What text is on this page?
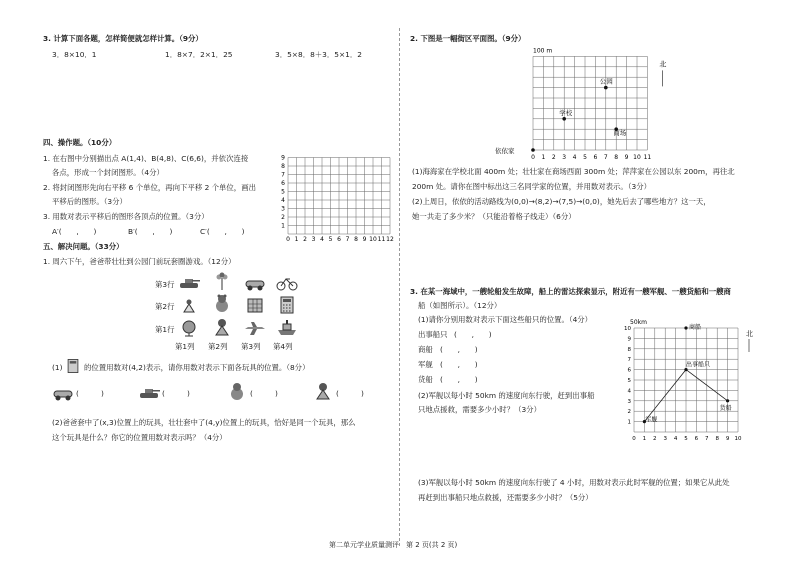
3. 计算下面各题，怎样简便就怎样计算。（9分）
3．8×10．1	1．8×7．2×1．25	3．5×8．8＋3．5×1．2
四、操作题。（10分）
1. 在右图中分别描出点 A(1,4)、B(4,8)、C(6,6)，并依次连接
各点，形成一个封闭图形。（4分）
2. 将封闭图形先向右平移 6 个单位，再向下平移 2 个单位，画出
平移后的图形。（3分）
3. 用数对表示平移后的图形各顶点的位置。（3分）
A′(　　,　　)	B′(　　,　　)	C′(　　,　　)
0 1 2 3 4 5 6 7 8 9 10 11 12
1
2
3
4
5
6
7
8
9
五、解决问题。（33分）
1. 周六下午，爸爸带壮壮到公园门前玩套圈游戏。（12分）
第3行
第2行
第1行
第1列 第2列 第3列 第4列
(1)	的位置用数对(4,2)表示，请你用数对表示下面各玩具的位置。（8分）
(　　　)	(　　　)	(　　　)	(　　　)
(2)爸爸套中了(x,3)位置上的玩具，壮壮套中了(4,y)位置上的玩具，恰好是同一个玩具，那么
这个玩具是什么？你它的位置用数对表示吗？（4分）
2. 下图是一幅街区平面图。（9分）
0 1 2 3 4 5 6 7 8 9 10 11
100 m
北
学校
公园
商场
依依家
(1)海海家在学校北面 400m 处；壮壮家在商场西面 300m 处；萍萍家在公园以东 200m，再往北
200m 处。请你在图中标出这三名同学家的位置，并用数对表示。（3分）
(2)上周日，依依的活动路线为(0,0)→(8,2)→(7,5)→(0,0)，她先后去了哪些地方？这一天，
她一共走了多少米？（只能沿着格子线走）（6分）
3. 在某一海域中，一艘轮船发生故障，船上的雷达探索显示，附近有一艘军舰、一艘货船和一艘商
船（如图所示）。（12分）
(1)请你分别用数对表示下面这些船只的位置。（4分）
出事船只 (　　,　　)
商船 (　　,　　)
军舰 (　　,　　)
货船 (　　,　　)
(2)军舰以每小时 50km 的速度向东行驶，赶到出事船
只地点援救，需要多少小时？（3分）
0 1 2 3 4 5 6 7 8 9 10
1
2
3
4
5
6
7
8
9
10
50km
北
军舰
出事船只
货船
商船
(3)军舰以每小时 50km 的速度向东行驶了 4 小时，用数对表示此时军舰的位置；如果它从此处
再赶到出事船只地点救援，还需要多少小时？（5分）
第二单元学业质量测评　第 2 页(共 2 页)
